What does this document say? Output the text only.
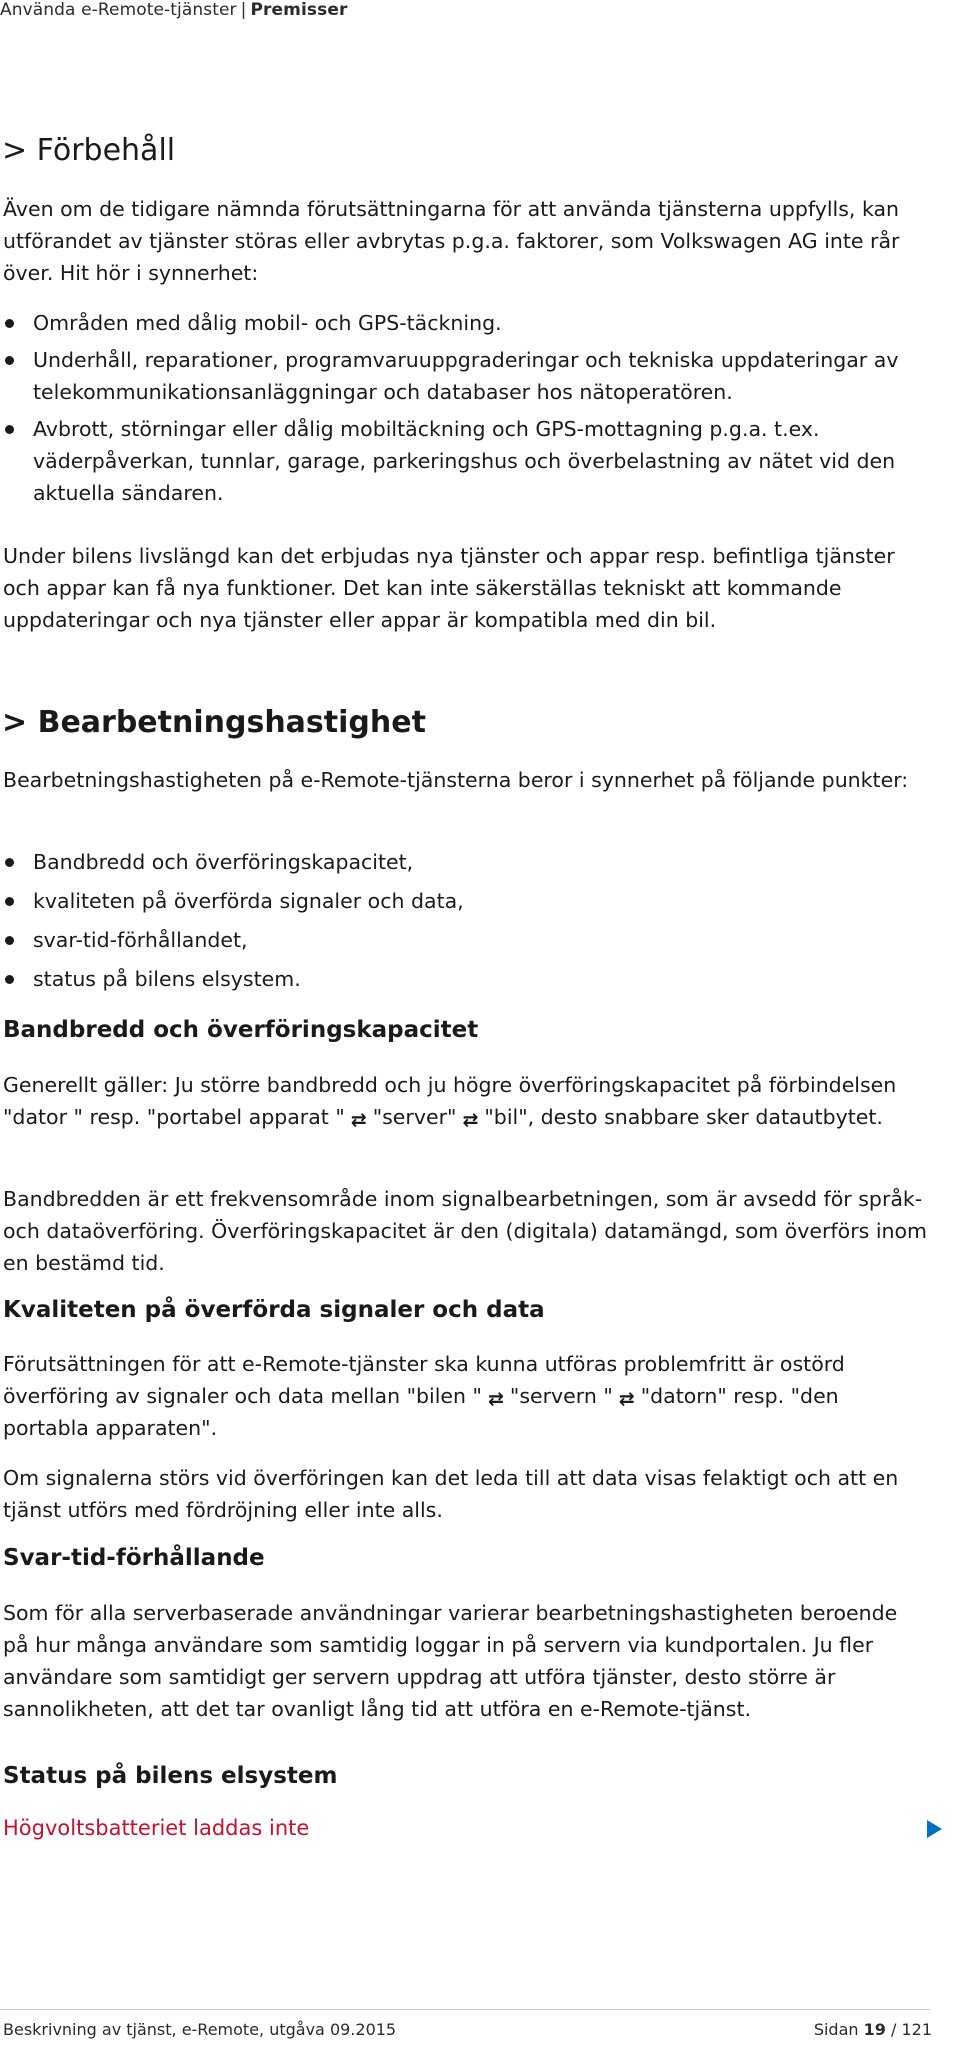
Använda e-Remote-tjänster | Premisser
> Förbehåll

Även om de tidigare nämnda förutsättningarna för att använda tjänsterna uppfylls, kan utförandet av tjänster störas eller avbrytas p.g.a. faktorer, som Volkswagen AG inte rår över. Hit hör i synnerhet:

Områden med dålig mobil- och GPS-täckning.
Underhåll, reparationer, programvaruuppgraderingar och tekniska uppdateringar av telekommunikationsanläggningar och databaser hos nätoperatören.
Avbrott, störningar eller dålig mobiltäckning och GPS-mottagning p.g.a. t.ex. väderpåverkan, tunnlar, garage, parkeringshus och överbelastning av nätet vid den aktuella sändaren.

Under bilens livslängd kan det erbjudas nya tjänster och appar resp. befintliga tjänster och appar kan få nya funktioner. Det kan inte säkerställas tekniskt att kommande uppdateringar och nya tjänster eller appar är kompatibla med din bil.

> Bearbetningshastighet

Bearbetningshastigheten på e-Remote-tjänsterna beror i synnerhet på följande punkter:

Bandbredd och överföringskapacitet,
kvaliteten på överförda signaler och data,
svar-tid-förhållandet,
status på bilens elsystem.
Bandbredd och överföringskapacitet

Generellt gäller: Ju större bandbredd och ju högre överföringskapacitet på förbindelsen "dator " resp. "portabel apparat " ⇄ "server" ⇄ "bil", desto snabbare sker datautbytet.

Bandbredden är ett frekvensområde inom signalbearbetningen, som är avsedd för språk- och dataöverföring. Överföringskapacitet är den (digitala) datamängd, som överförs inom en bestämd tid.

Kvaliteten på överförda signaler och data

Förutsättningen för att e-Remote-tjänster ska kunna utföras problemfritt är ostörd överföring av signaler och data mellan "bilen " ⇄ "servern " ⇄ "datorn" resp. "den portabla apparaten".

Om signalerna störs vid överföringen kan det leda till att data visas felaktigt och att en tjänst utförs med fördröjning eller inte alls.

Svar-tid-förhållande

Som för alla serverbaserade användningar varierar bearbetningshastigheten beroende på hur många användare som samtidig loggar in på servern via kundportalen. Ju fler användare som samtidigt ger servern uppdrag att utföra tjänster, desto större är sannolikheten, att det tar ovanligt lång tid att utföra en e-Remote-tjänst.

Status på bilens elsystem
Högvoltsbatteriet laddas inte
Beskrivning av tjänst, e-Remote, utgåva 09.2015	Sidan 19 / 121
